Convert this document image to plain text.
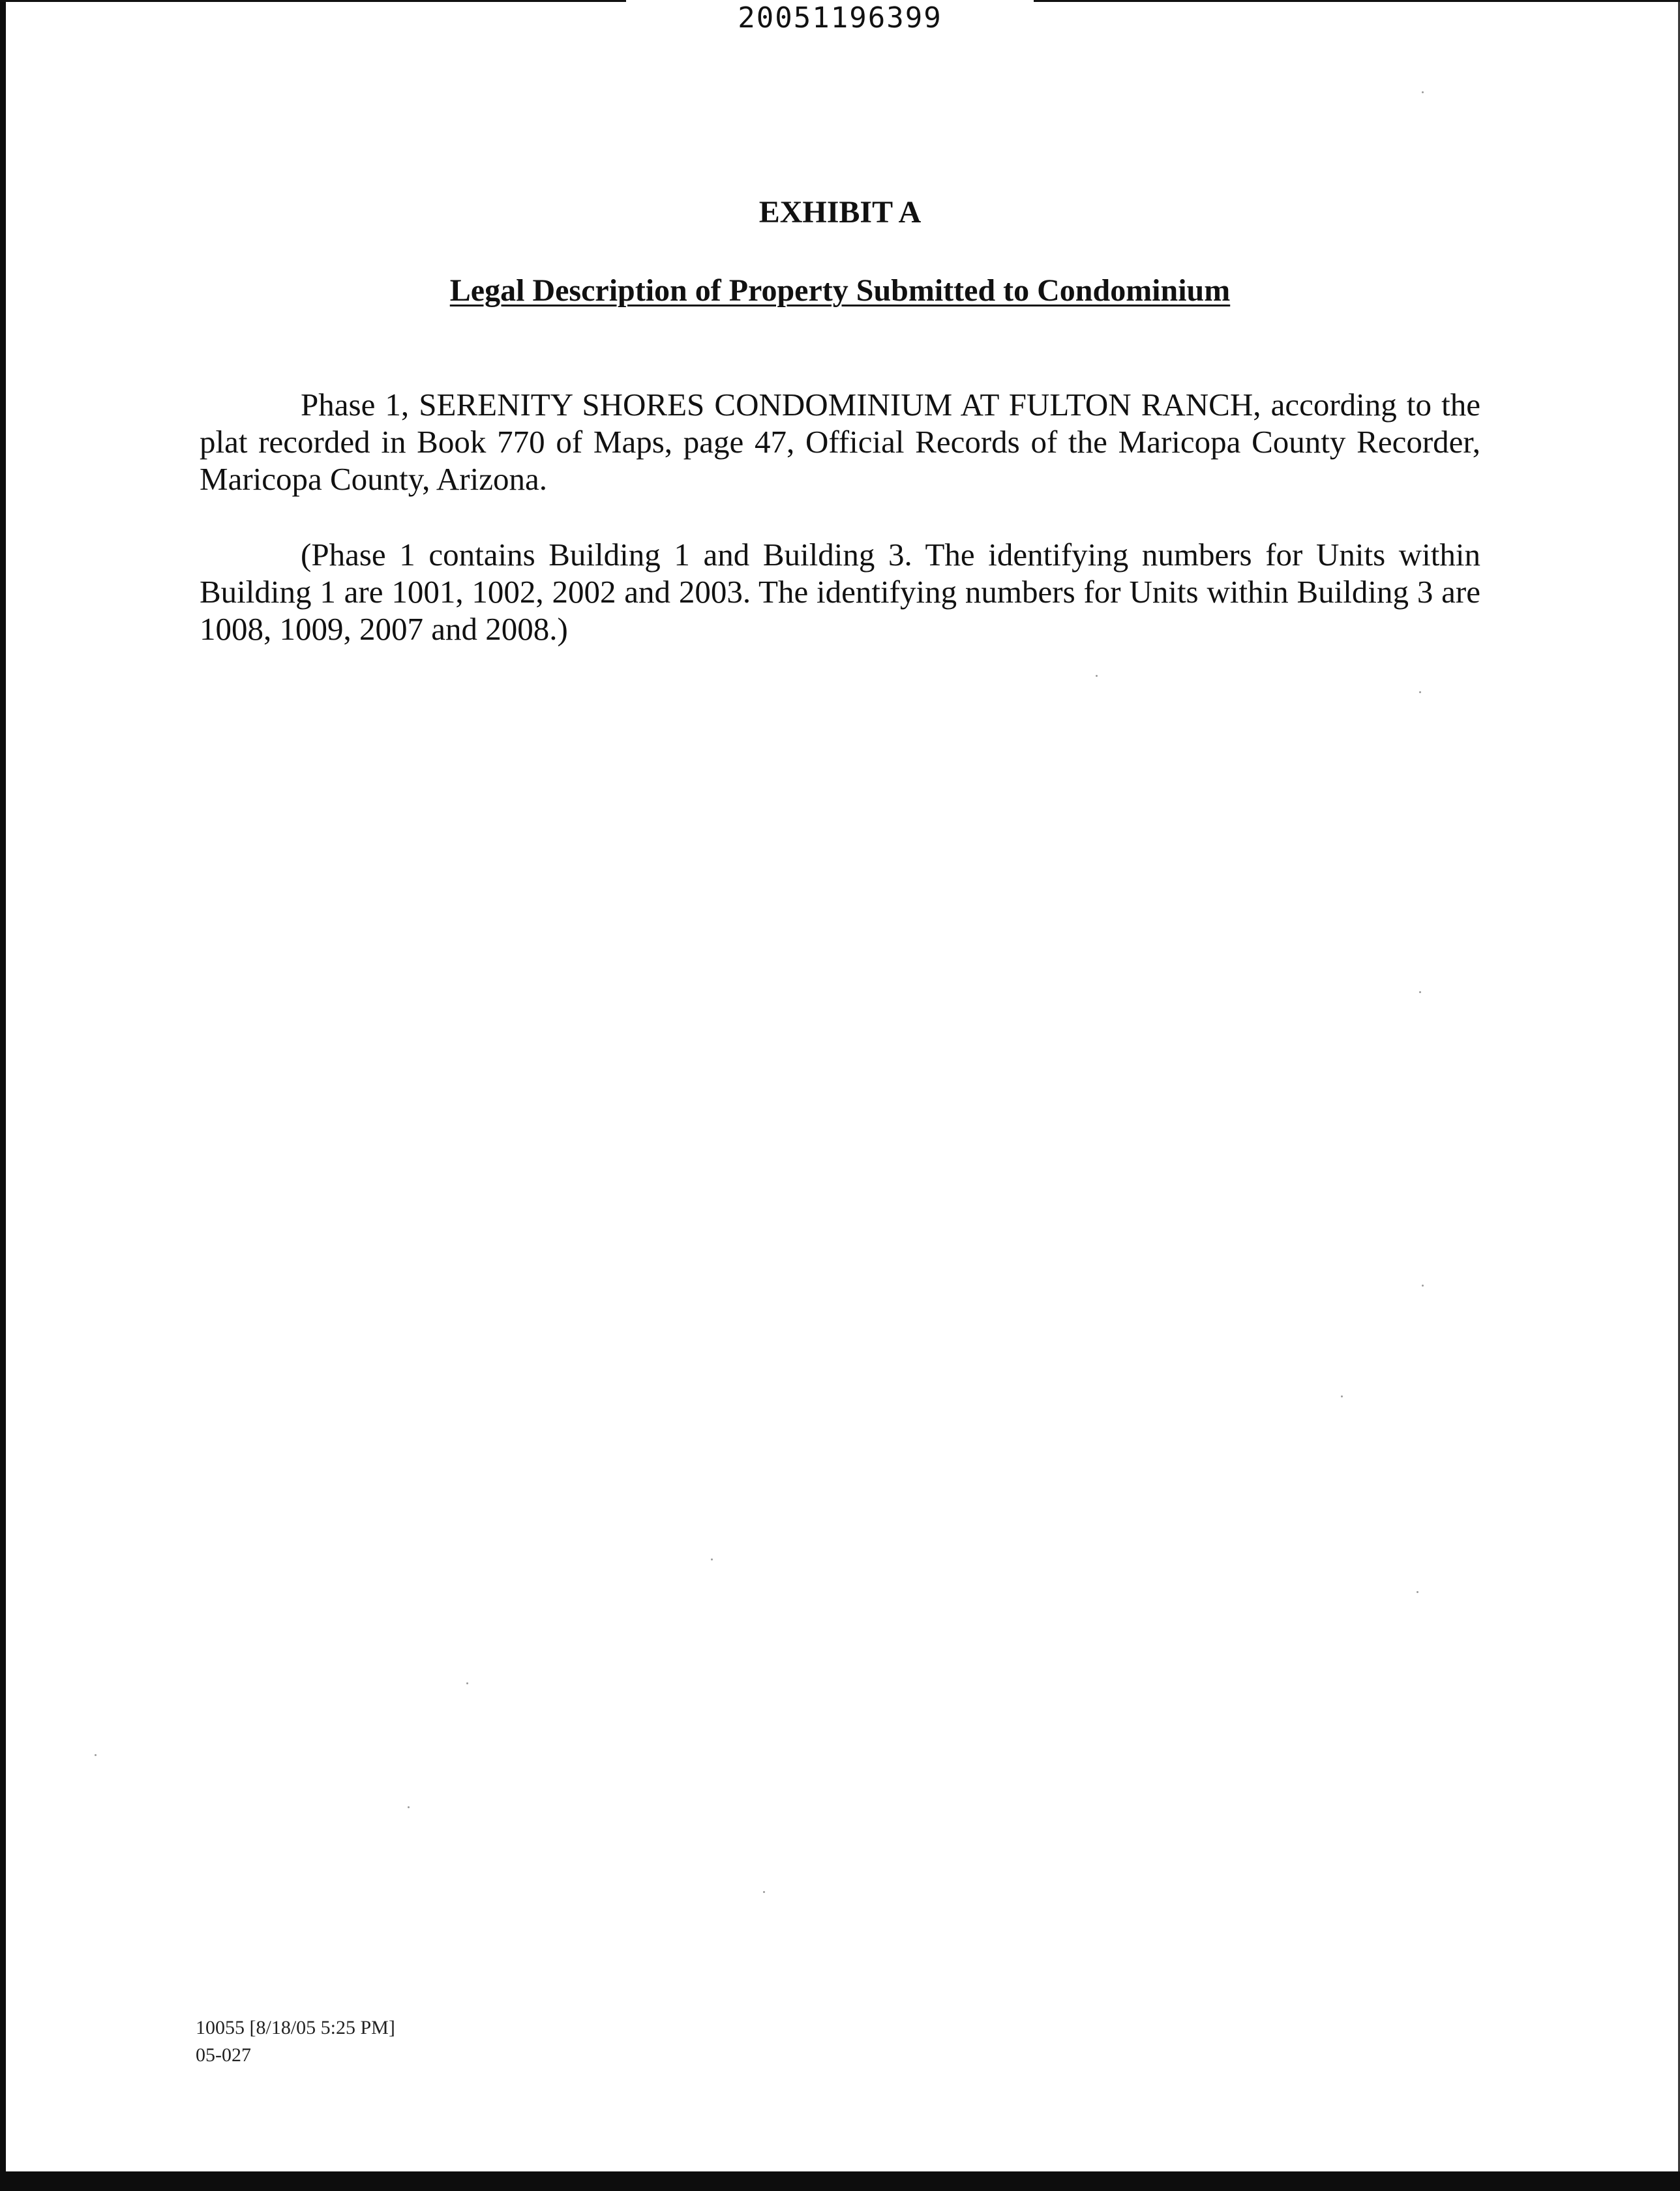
20051196399
EXHIBIT A
Legal Description of Property Submitted to Condominium

Phase 1, SERENITY SHORES CONDOMINIUM AT FULTON RANCH, according to the plat recorded in Book 770 of Maps, page 47, Official Records of the Maricopa County Recorder, Maricopa County, Arizona.

(Phase 1 contains Building 1 and Building 3. The identifying numbers for Units within Building 1 are 1001, 1002, 2002 and 2003. The identifying numbers for Units within Building 3 are 1008, 1009, 2007 and 2008.)

10055 [8/18/05 5:25 PM]
05-027
